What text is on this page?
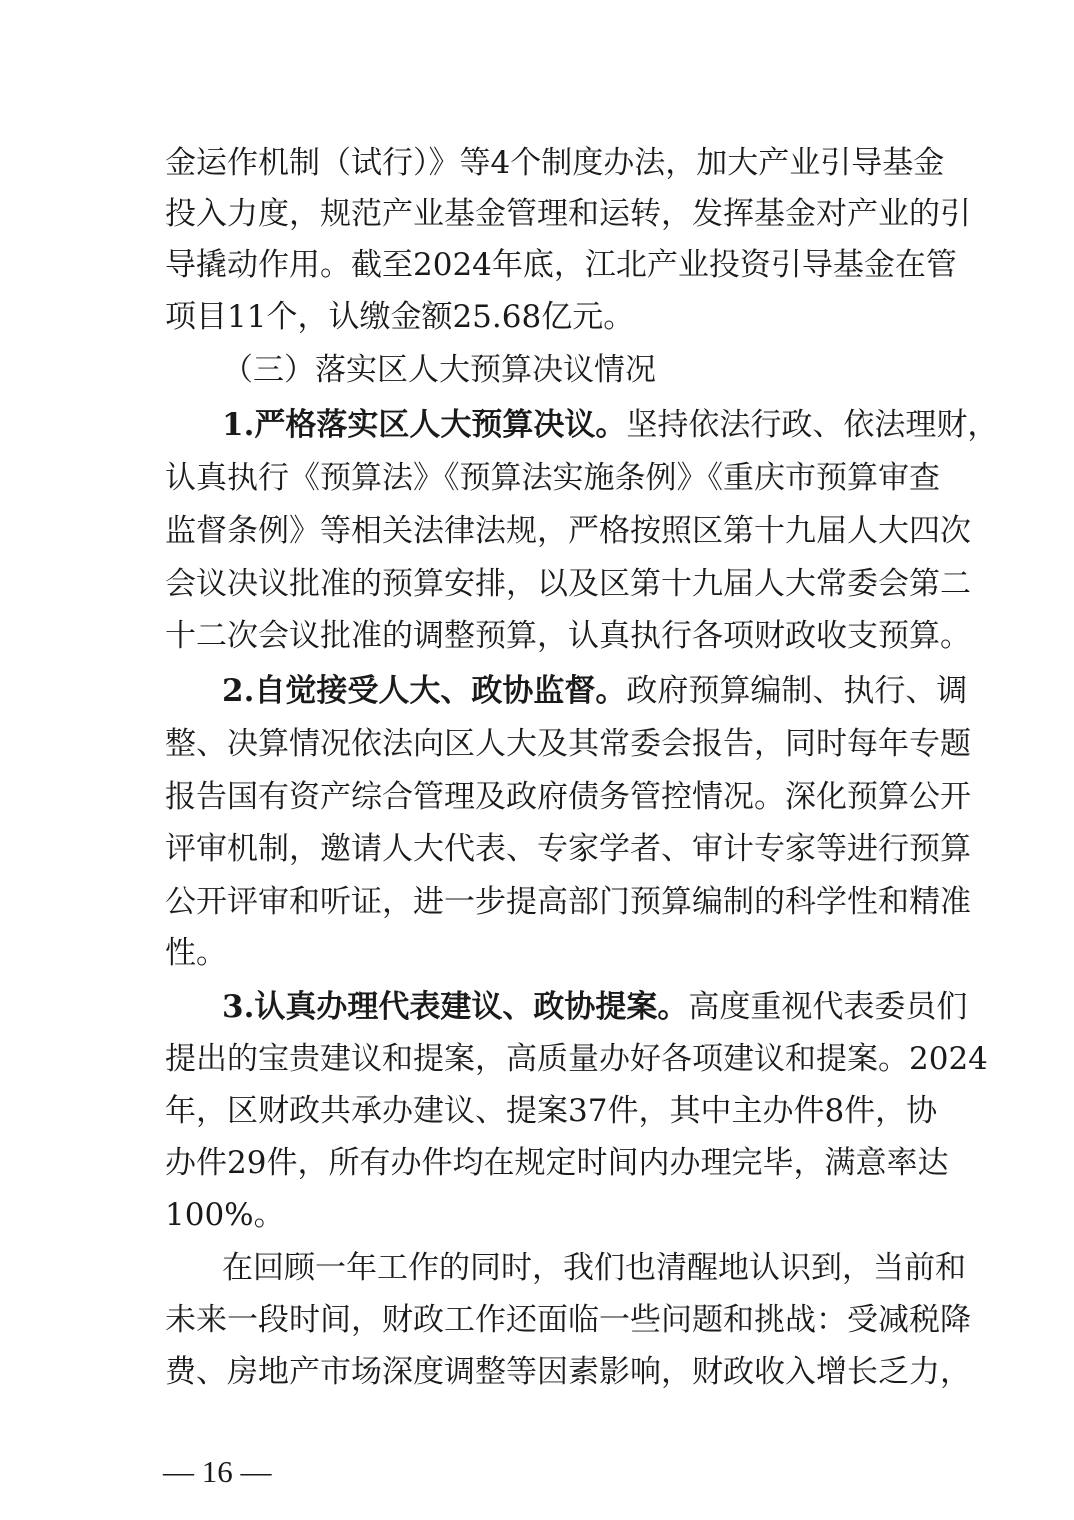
金运作机制（试行）》等4个制度办法，加大产业引导基金
投入力度，规范产业基金管理和运转，发挥基金对产业的引
导撬动作用。截至2024年底，江北产业投资引导基金在管
项目11个，认缴金额25.68亿元。
（三）落实区人大预算决议情况
1.严格落实区人大预算决议。坚持依法行政、依法理财，
认真执行《预算法》《预算法实施条例》《重庆市预算审查
监督条例》等相关法律法规，严格按照区第十九届人大四次
会议决议批准的预算安排，以及区第十九届人大常委会第二
十二次会议批准的调整预算，认真执行各项财政收支预算。
2.自觉接受人大、政协监督。政府预算编制、执行、调
整、决算情况依法向区人大及其常委会报告，同时每年专题
报告国有资产综合管理及政府债务管控情况。深化预算公开
评审机制，邀请人大代表、专家学者、审计专家等进行预算
公开评审和听证，进一步提高部门预算编制的科学性和精准
性。
3.认真办理代表建议、政协提案。高度重视代表委员们
提出的宝贵建议和提案，高质量办好各项建议和提案。2024
年，区财政共承办建议、提案37件，其中主办件8件，协
办件29件，所有办件均在规定时间内办理完毕，满意率达
100%。
在回顾一年工作的同时，我们也清醒地认识到，当前和
未来一段时间，财政工作还面临一些问题和挑战：受减税降
费、房地产市场深度调整等因素影响，财政收入增长乏力，
— 16 —
